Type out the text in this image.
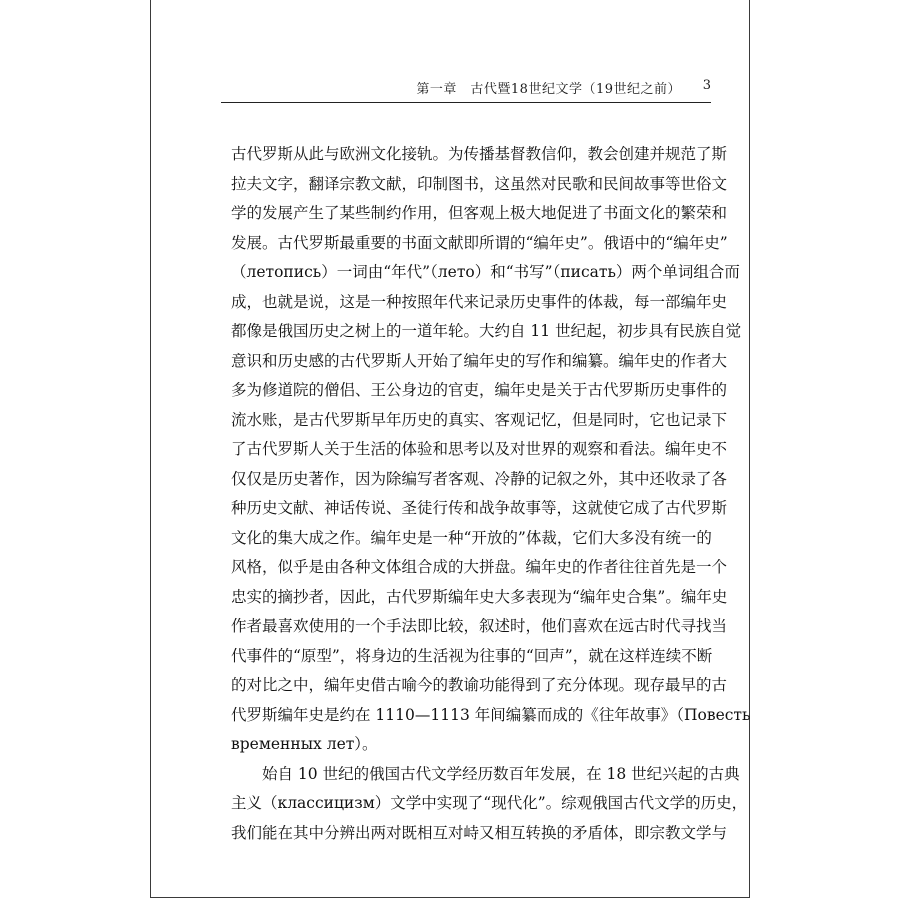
第一章　古代暨18世纪文学（19世纪之前） 3
古代罗斯从此与欧洲文化接轨。为传播基督教信仰，教会创建并规范了斯
拉夫文字，翻译宗教文献，印制图书，这虽然对民歌和民间故事等世俗文
学的发展产生了某些制约作用，但客观上极大地促进了书面文化的繁荣和
发展。古代罗斯最重要的书面文献即所谓的“编年史”。俄语中的“编年史”
（летопись）一词由“年代”（лето）和“书写”（писать）两个单词组合而
成，也就是说，这是一种按照年代来记录历史事件的体裁，每一部编年史
都像是俄国历史之树上的一道年轮。大约自 11 世纪起，初步具有民族自觉
意识和历史感的古代罗斯人开始了编年史的写作和编纂。编年史的作者大
多为修道院的僧侣、王公身边的官吏，编年史是关于古代罗斯历史事件的
流水账，是古代罗斯早年历史的真实、客观记忆，但是同时，它也记录下
了古代罗斯人关于生活的体验和思考以及对世界的观察和看法。编年史不
仅仅是历史著作，因为除编写者客观、冷静的记叙之外，其中还收录了各
种历史文献、神话传说、圣徒行传和战争故事等，这就使它成了古代罗斯
文化的集大成之作。编年史是一种“开放的”体裁，它们大多没有统一的
风格，似乎是由各种文体组合成的大拼盘。编年史的作者往往首先是一个
忠实的摘抄者，因此，古代罗斯编年史大多表现为“编年史合集”。编年史
作者最喜欢使用的一个手法即比较，叙述时，他们喜欢在远古时代寻找当
代事件的“原型”，将身边的生活视为往事的“回声”，就在这样连续不断
的对比之中，编年史借古喻今的教谕功能得到了充分体现。现存最早的古
代罗斯编年史是约在 1110—1113 年间编纂而成的《往年故事》（Повесть
временных лет）。
始自 10 世纪的俄国古代文学经历数百年发展，在 18 世纪兴起的古典
主义（классицизм）文学中实现了“现代化”。综观俄国古代文学的历史，
我们能在其中分辨出两对既相互对峙又相互转换的矛盾体，即宗教文学与
